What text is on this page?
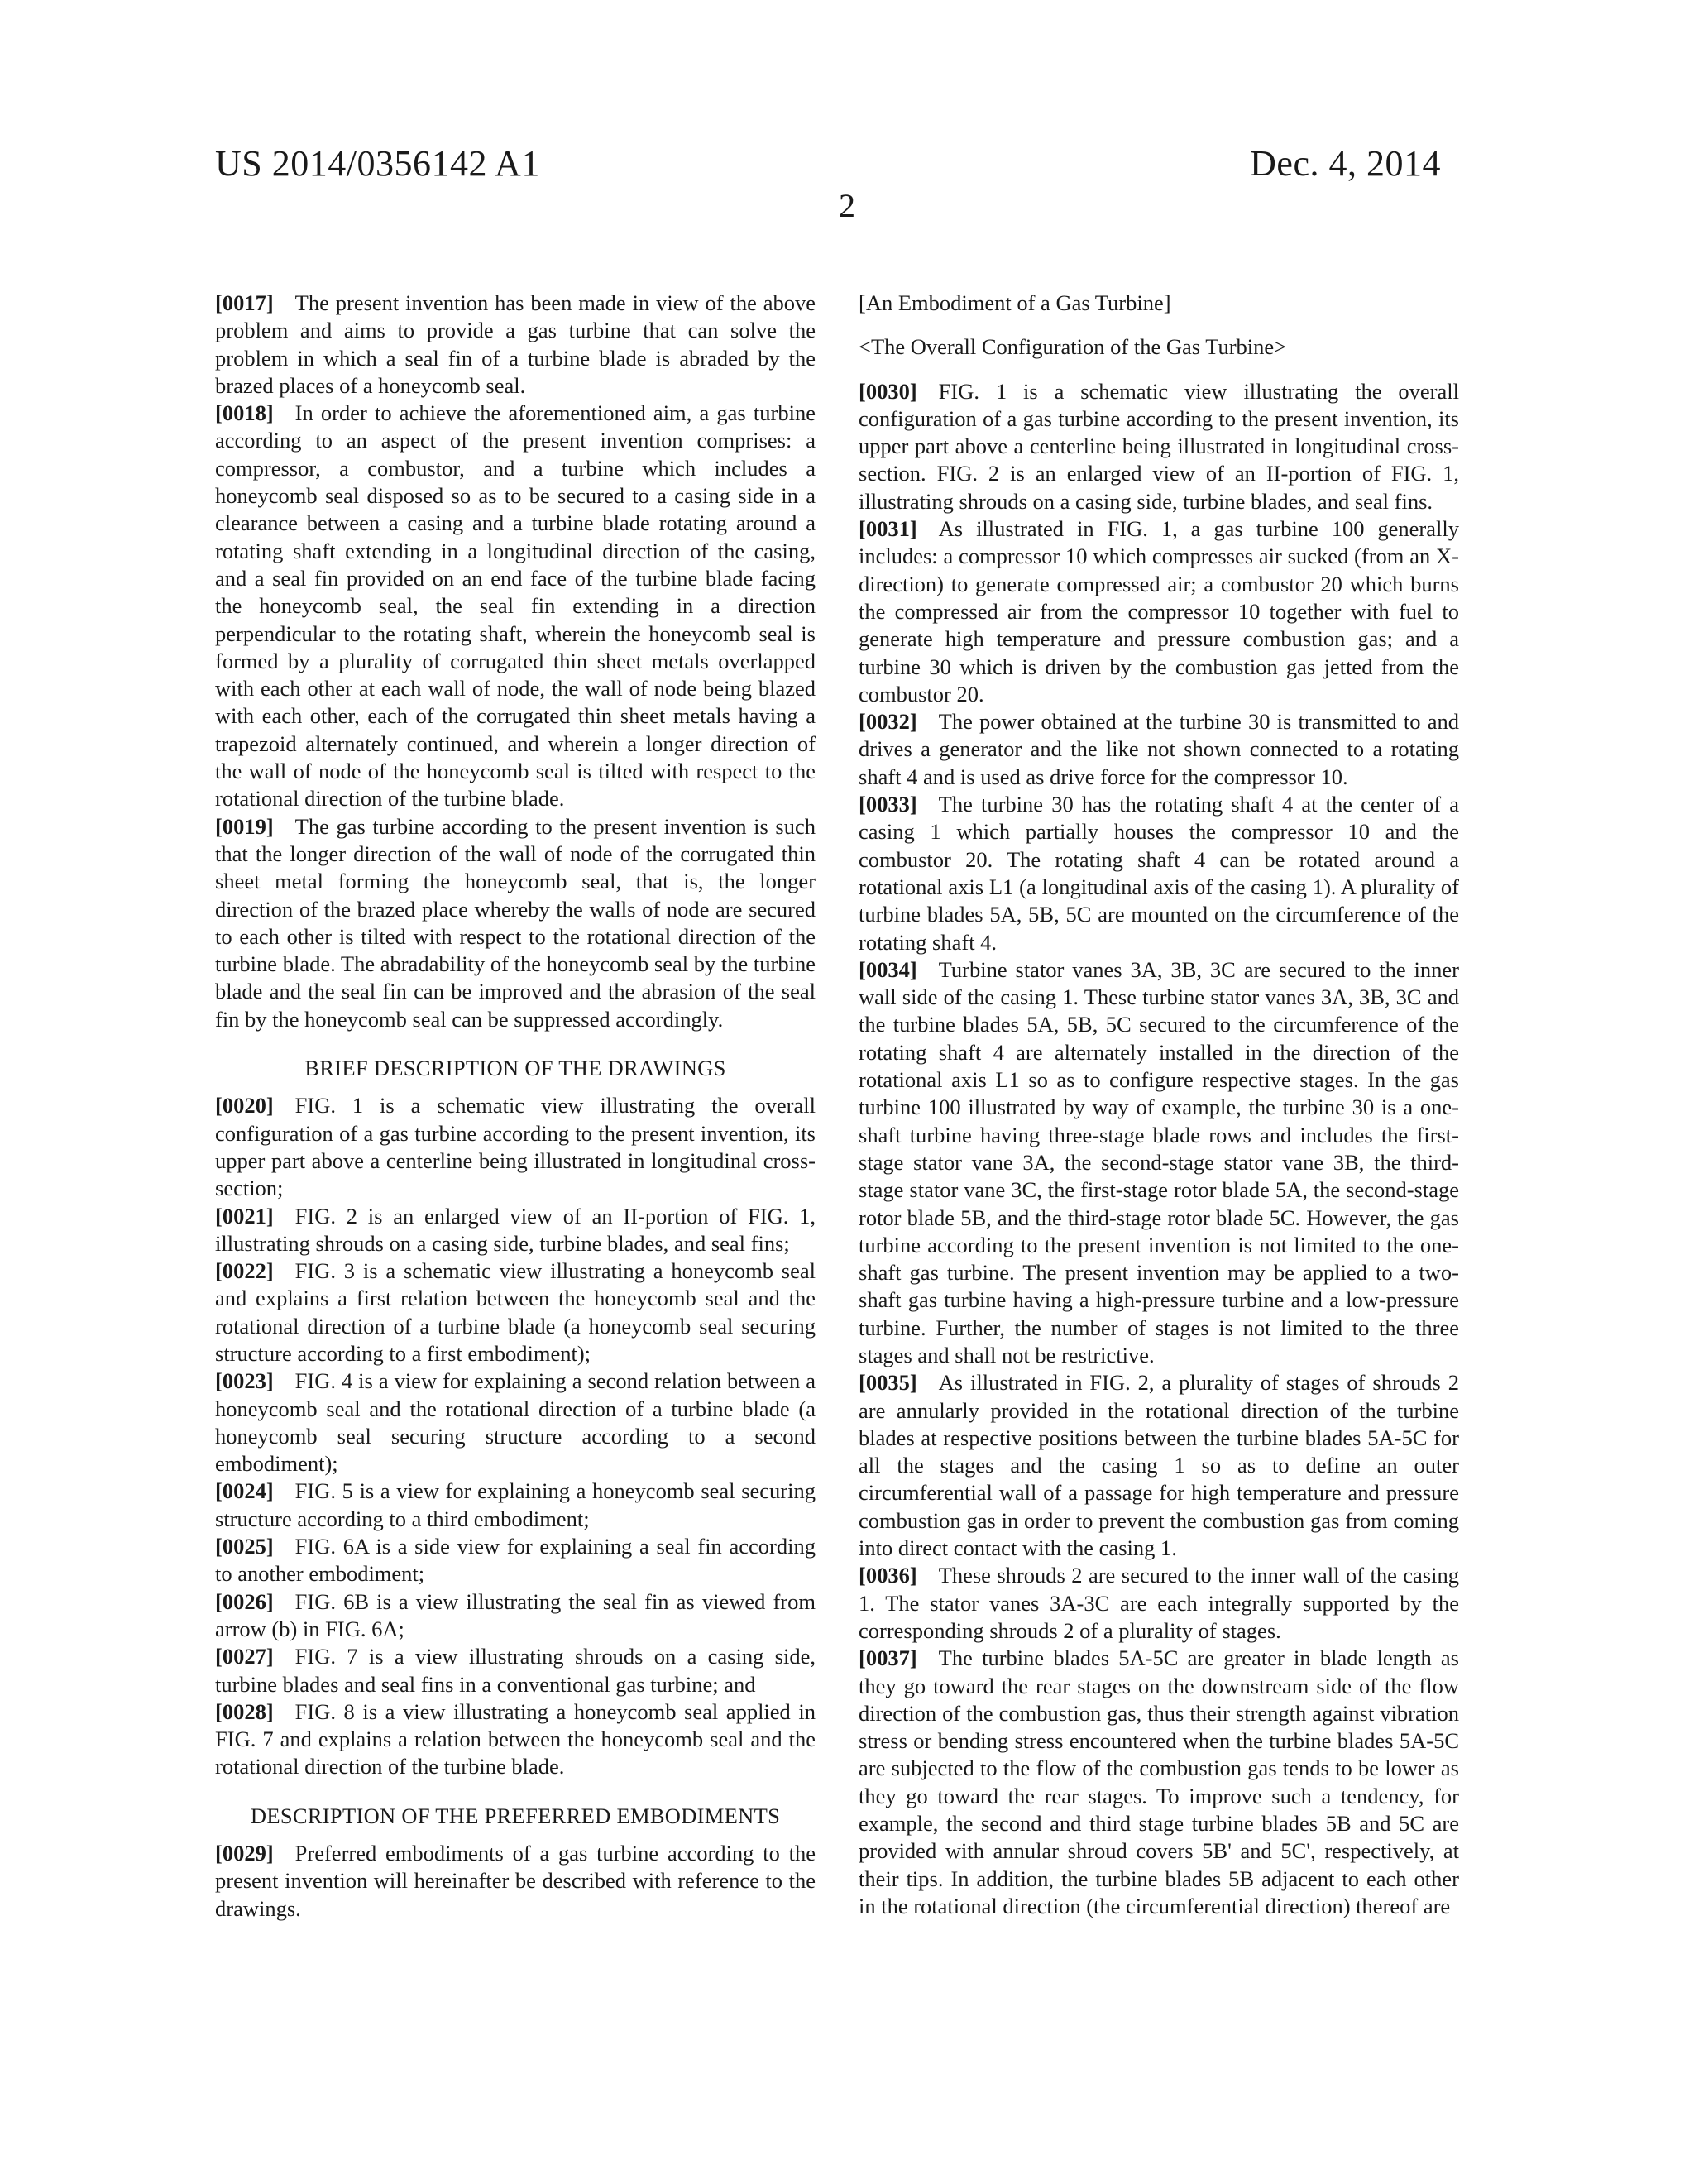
US 2014/0356142 A1	Dec. 4, 2014
2

[0017] The present invention has been made in view of the above problem and aims to provide a gas turbine that can solve the problem in which a seal fin of a turbine blade is abraded by the brazed places of a honeycomb seal.

[0018] In order to achieve the aforementioned aim, a gas turbine according to an aspect of the present invention comprises: a compressor, a combustor, and a turbine which includes a honeycomb seal disposed so as to be secured to a casing side in a clearance between a casing and a turbine blade rotating around a rotating shaft extending in a longitudinal direction of the casing, and a seal fin provided on an end face of the turbine blade facing the honeycomb seal, the seal fin extending in a direction perpendicular to the rotating shaft, wherein the honeycomb seal is formed by a plurality of corrugated thin sheet metals overlapped with each other at each wall of node, the wall of node being blazed with each other, each of the corrugated thin sheet metals having a trapezoid alternately continued, and wherein a longer direction of the wall of node of the honeycomb seal is tilted with respect to the rotational direction of the turbine blade.

[0019] The gas turbine according to the present invention is such that the longer direction of the wall of node of the corrugated thin sheet metal forming the honeycomb seal, that is, the longer direction of the brazed place whereby the walls of node are secured to each other is tilted with respect to the rotational direction of the turbine blade. The abradability of the honeycomb seal by the turbine blade and the seal fin can be improved and the abrasion of the seal fin by the honeycomb seal can be suppressed accordingly.

BRIEF DESCRIPTION OF THE DRAWINGS

[0020] FIG. 1 is a schematic view illustrating the overall configuration of a gas turbine according to the present invention, its upper part above a centerline being illustrated in longitudinal cross-section;

[0021] FIG. 2 is an enlarged view of an II-portion of FIG. 1, illustrating shrouds on a casing side, turbine blades, and seal fins;

[0022] FIG. 3 is a schematic view illustrating a honeycomb seal and explains a first relation between the honeycomb seal and the rotational direction of a turbine blade (a honeycomb seal securing structure according to a first embodiment);

[0023] FIG. 4 is a view for explaining a second relation between a honeycomb seal and the rotational direction of a turbine blade (a honeycomb seal securing structure according to a second embodiment);

[0024] FIG. 5 is a view for explaining a honeycomb seal securing structure according to a third embodiment;

[0025] FIG. 6A is a side view for explaining a seal fin according to another embodiment;

[0026] FIG. 6B is a view illustrating the seal fin as viewed from arrow (b) in FIG. 6A;

[0027] FIG. 7 is a view illustrating shrouds on a casing side, turbine blades and seal fins in a conventional gas turbine; and

[0028] FIG. 8 is a view illustrating a honeycomb seal applied in FIG. 7 and explains a relation between the honeycomb seal and the rotational direction of the turbine blade.

DESCRIPTION OF THE PREFERRED EMBODIMENTS

[0029] Preferred embodiments of a gas turbine according to the present invention will hereinafter be described with reference to the drawings.

[An Embodiment of a Gas Turbine]

<The Overall Configuration of the Gas Turbine>

[0030] FIG. 1 is a schematic view illustrating the overall configuration of a gas turbine according to the present invention, its upper part above a centerline being illustrated in longitudinal cross-section. FIG. 2 is an enlarged view of an II-portion of FIG. 1, illustrating shrouds on a casing side, turbine blades, and seal fins.

[0031] As illustrated in FIG. 1, a gas turbine 100 generally includes: a compressor 10 which compresses air sucked (from an X-direction) to generate compressed air; a combustor 20 which burns the compressed air from the compressor 10 together with fuel to generate high temperature and pressure combustion gas; and a turbine 30 which is driven by the combustion gas jetted from the combustor 20.

[0032] The power obtained at the turbine 30 is transmitted to and drives a generator and the like not shown connected to a rotating shaft 4 and is used as drive force for the compressor 10.

[0033] The turbine 30 has the rotating shaft 4 at the center of a casing 1 which partially houses the compressor 10 and the combustor 20. The rotating shaft 4 can be rotated around a rotational axis L1 (a longitudinal axis of the casing 1). A plurality of turbine blades 5A, 5B, 5C are mounted on the circumference of the rotating shaft 4.

[0034] Turbine stator vanes 3A, 3B, 3C are secured to the inner wall side of the casing 1. These turbine stator vanes 3A, 3B, 3C and the turbine blades 5A, 5B, 5C secured to the circumference of the rotating shaft 4 are alternately installed in the direction of the rotational axis L1 so as to configure respective stages. In the gas turbine 100 illustrated by way of example, the turbine 30 is a one-shaft turbine having three-stage blade rows and includes the first-stage stator vane 3A, the second-stage stator vane 3B, the third-stage stator vane 3C, the first-stage rotor blade 5A, the second-stage rotor blade 5B, and the third-stage rotor blade 5C. However, the gas turbine according to the present invention is not limited to the one-shaft gas turbine. The present invention may be applied to a two-shaft gas turbine having a high-pressure turbine and a low-pressure turbine. Further, the number of stages is not limited to the three stages and shall not be restrictive.

[0035] As illustrated in FIG. 2, a plurality of stages of shrouds 2 are annularly provided in the rotational direction of the turbine blades at respective positions between the turbine blades 5A-5C for all the stages and the casing 1 so as to define an outer circumferential wall of a passage for high temperature and pressure combustion gas in order to prevent the combustion gas from coming into direct contact with the casing 1.

[0036] These shrouds 2 are secured to the inner wall of the casing 1. The stator vanes 3A-3C are each integrally supported by the corresponding shrouds 2 of a plurality of stages.

[0037] The turbine blades 5A-5C are greater in blade length as they go toward the rear stages on the downstream side of the flow direction of the combustion gas, thus their strength against vibration stress or bending stress encountered when the turbine blades 5A-5C are subjected to the flow of the combustion gas tends to be lower as they go toward the rear stages. To improve such a tendency, for example, the second and third stage turbine blades 5B and 5C are provided with annular shroud covers 5B' and 5C', respectively, at their tips. In addition, the turbine blades 5B adjacent to each other in the rotational direction (the circumferential direction) thereof are
